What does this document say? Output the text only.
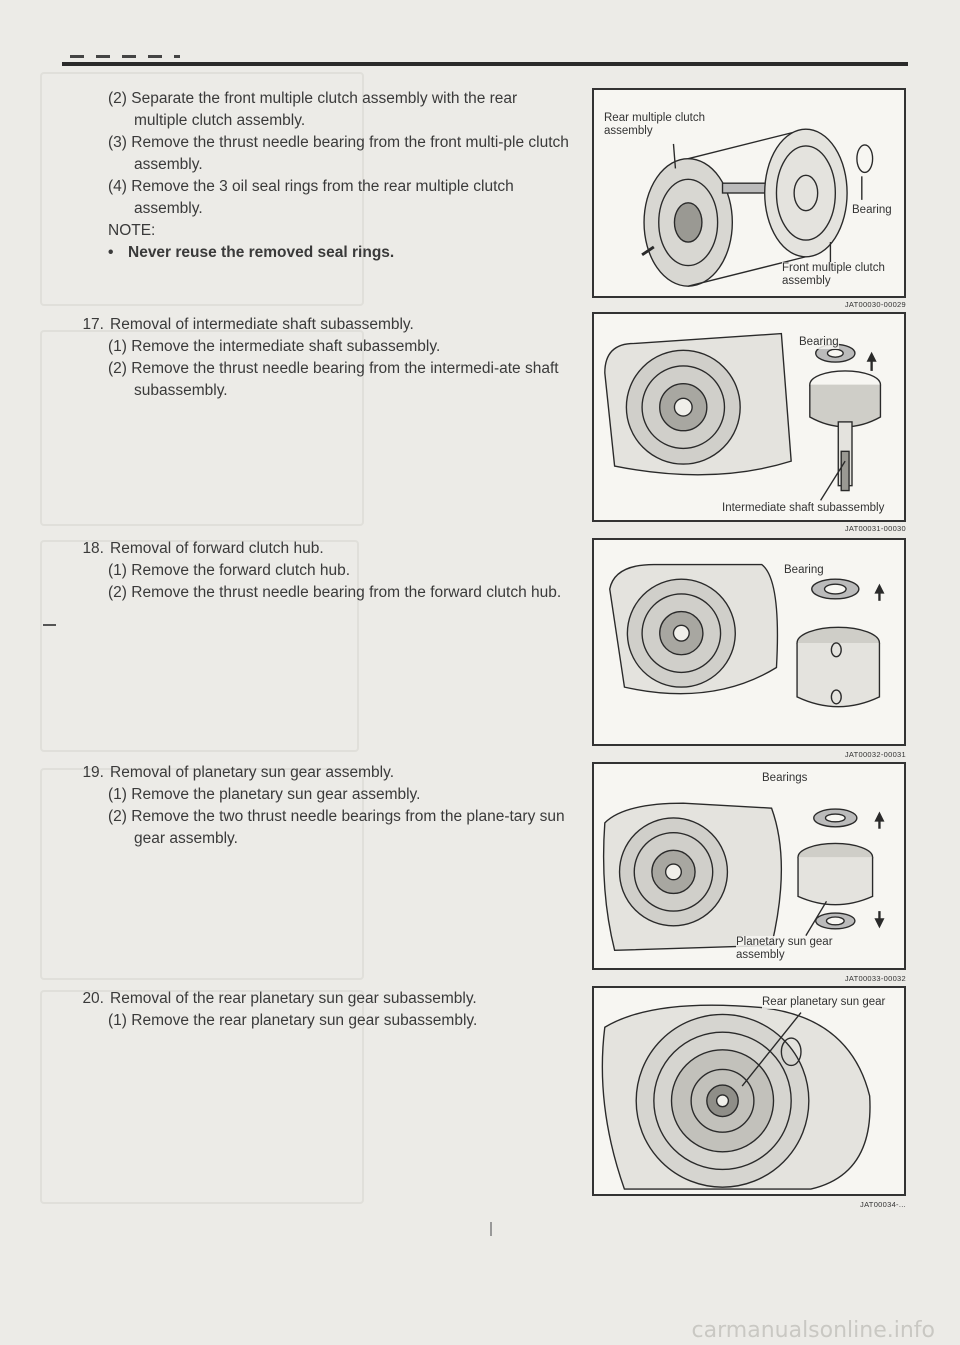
(2) Separate the front multiple clutch assembly with the rear multiple clutch assembly.
(3) Remove the thrust needle bearing from the front multi-ple clutch assembly.
(4) Remove the 3 oil seal rings from the rear multiple clutch assembly.
NOTE:
• Never reuse the removed seal rings.
17. Removal of intermediate shaft subassembly.
(1) Remove the intermediate shaft subassembly.
(2) Remove the thrust needle bearing from the intermedi-ate shaft subassembly.
18. Removal of forward clutch hub.
(1) Remove the forward clutch hub.
(2) Remove the thrust needle bearing from the forward clutch hub.
19. Removal of planetary sun gear assembly.
(1) Remove the planetary sun gear assembly.
(2) Remove the two thrust needle bearings from the plane-tary sun gear assembly.
20. Removal of the rear planetary sun gear subassembly.
(1) Remove the rear planetary sun gear subassembly.
Rear multiple clutch assembly
Bearing
Front multiple clutch assembly
JAT00030-00029
Bearing
Intermediate shaft subassembly
JAT00031-00030
Bearing
JAT00032-00031
Bearings
Planetary sun gear assembly
JAT00033-00032
Rear planetary sun gear
JAT00034-...
carmanualsonline.info
